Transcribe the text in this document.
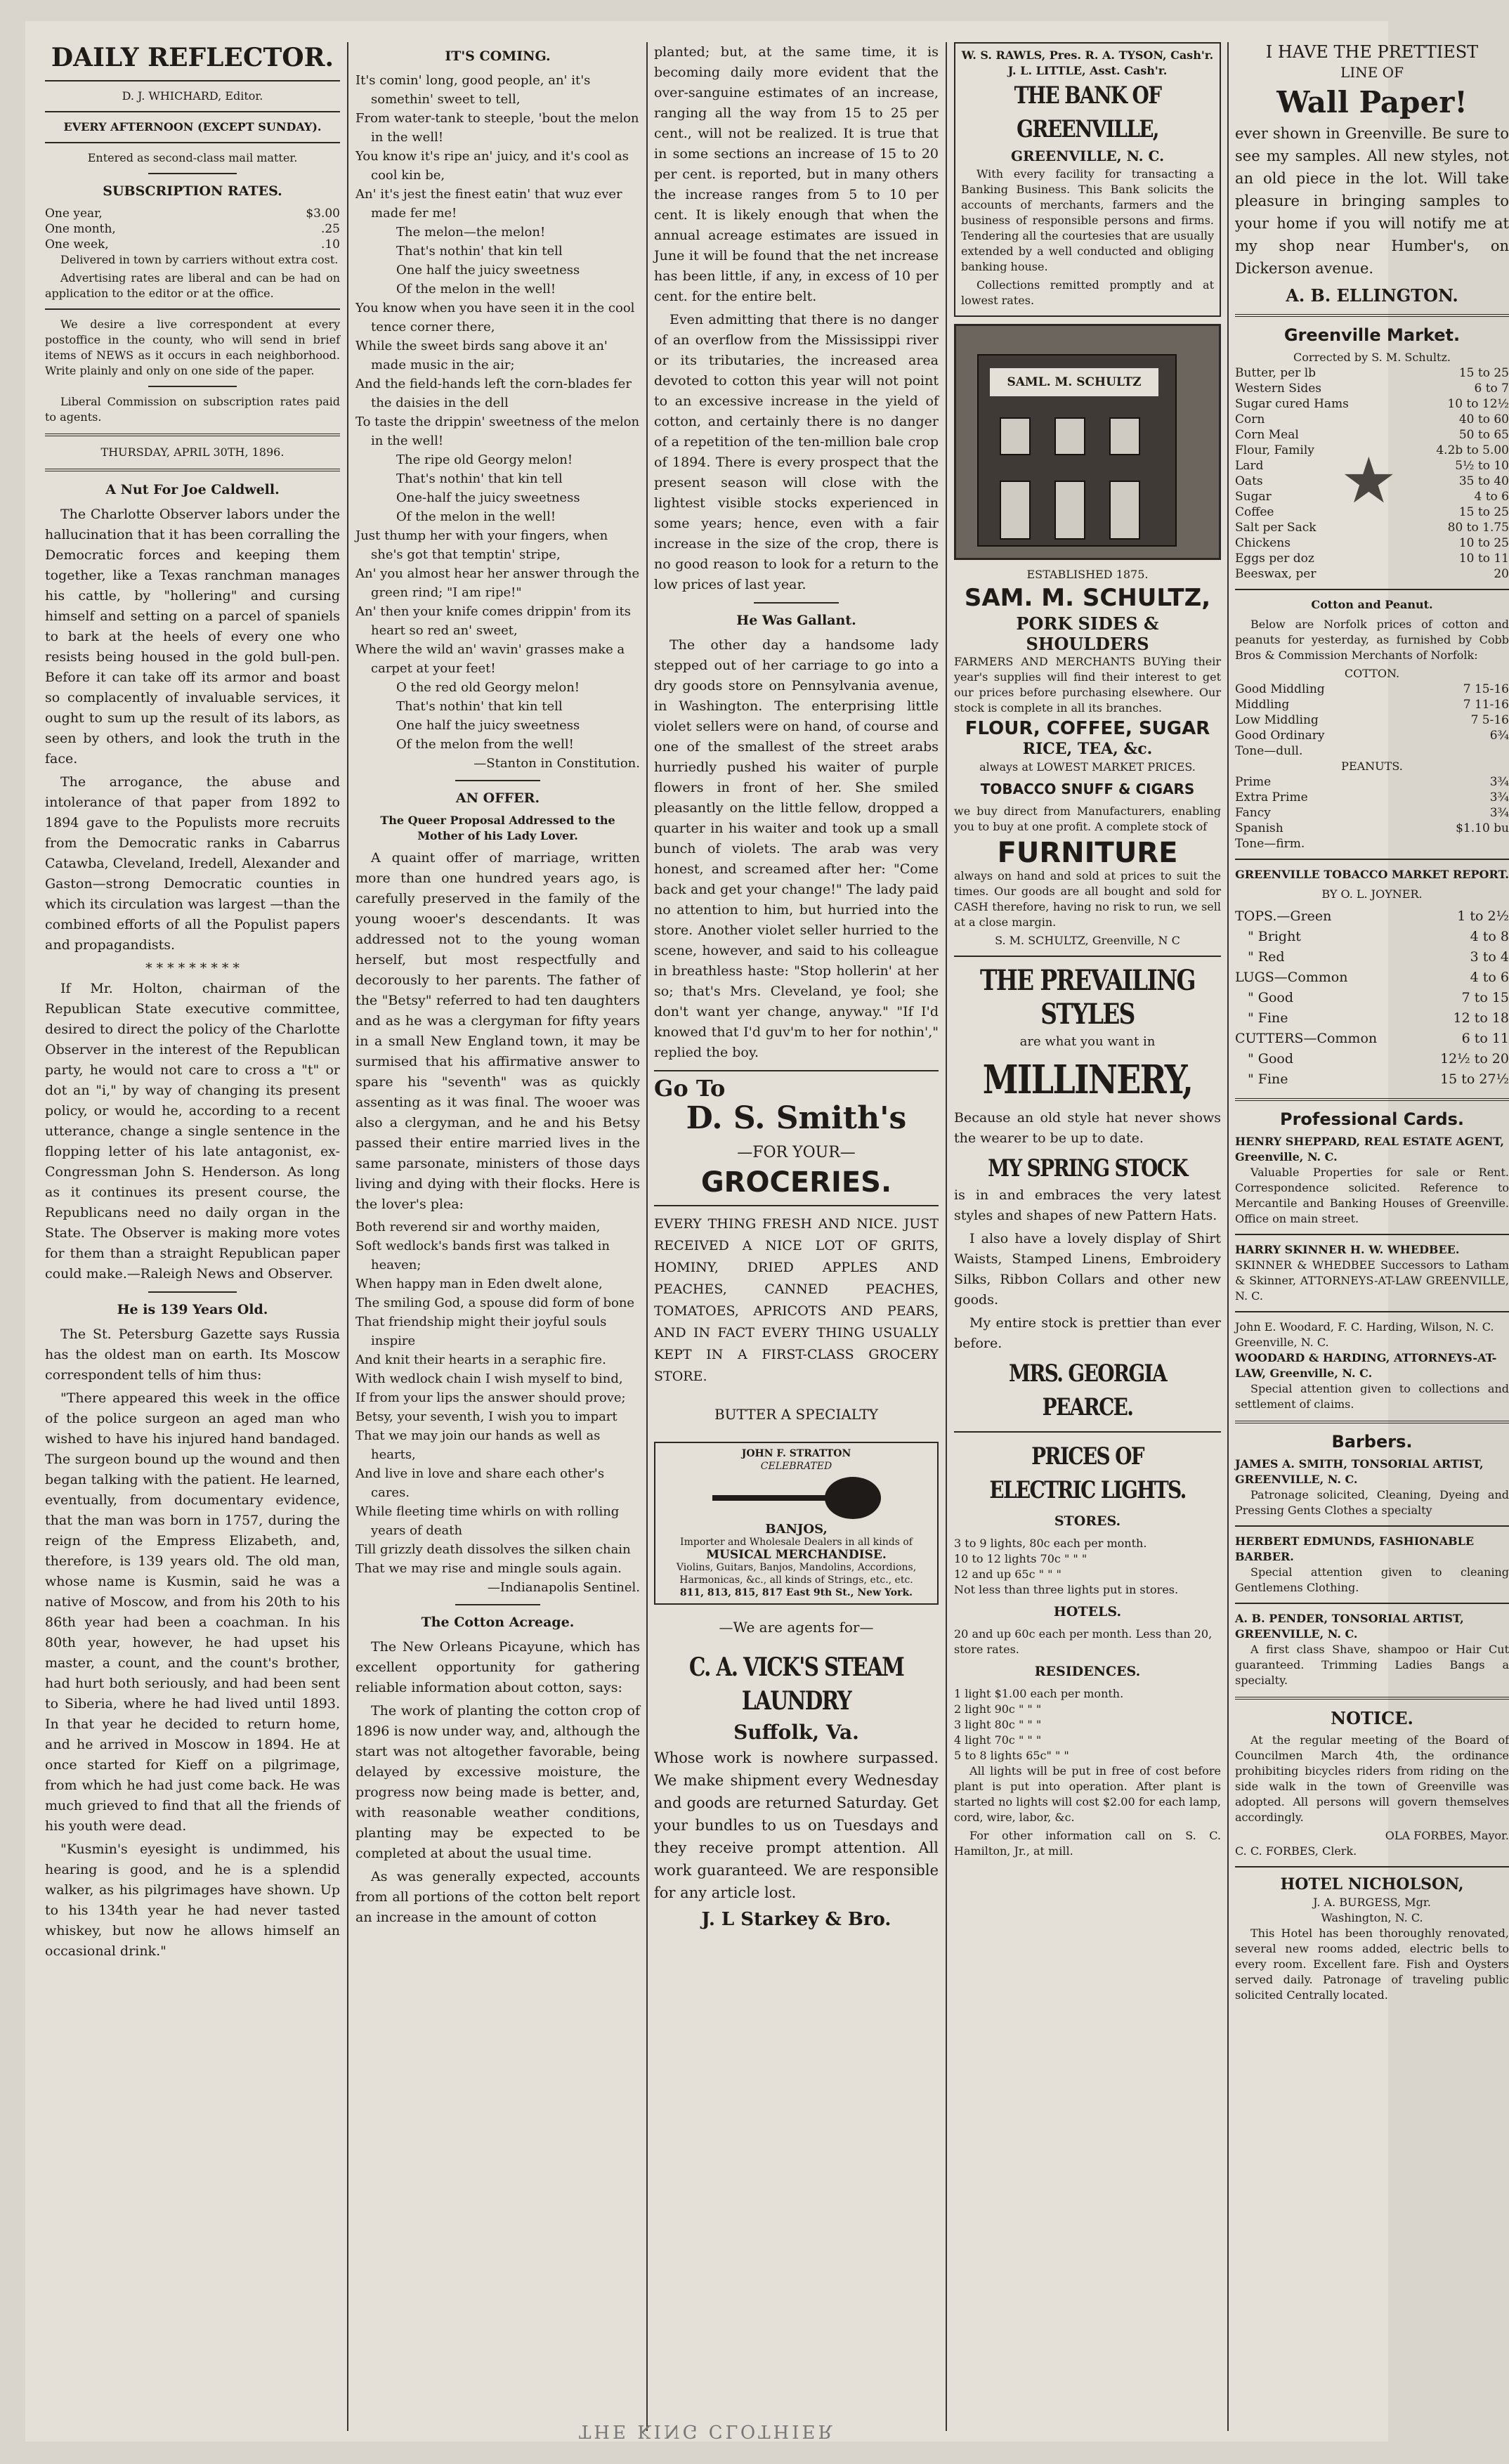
DAILY REFLECTOR.
D. J. WHICHARD, Editor.
EVERY AFTERNOON (EXCEPT SUNDAY).
Entered as second-class mail matter.
SUBSCRIPTION RATES.
One year,	$3.00
One month,	.25
One week,	.10

Delivered in town by carriers without extra cost.

Advertising rates are liberal and can be had on application to the editor or at the office.

We desire a live correspondent at every postoffice in the county, who will send in brief items of NEWS as it occurs in each neighborhood. Write plainly and only on one side of the paper.

Liberal Commission on subscription rates paid to agents.

THURSDAY, APRIL 30TH, 1896.
A Nut For Joe Caldwell.

The Charlotte Observer labors under the hallucination that it has been corralling the Democratic forces and keeping them together, like a Texas ranchman manages his cattle, by "hollering" and cursing himself and setting on a parcel of spaniels to bark at the heels of every one who resists being housed in the gold bull-pen. Before it can take off its armor and boast so complacently of invaluable services, it ought to sum up the result of its labors, as seen by others, and look the truth in the face.

The arrogance, the abuse and intolerance of that paper from 1892 to 1894 gave to the Populists more recruits from the Democratic ranks in Cabarrus Catawba, Cleveland, Iredell, Alexander and Gaston—strong Democratic counties in which its circulation was largest —than the combined efforts of all the Populist papers and propagandists.

* * * * * * * * *

If Mr. Holton, chairman of the Republican State executive committee, desired to direct the policy of the Charlotte Observer in the interest of the Republican party, he would not care to cross a "t" or dot an "i," by way of changing its present policy, or would he, according to a recent utterance, change a single sentence in the flopping letter of his late antagonist, ex-Congressman John S. Henderson. As long as it continues its present course, the Republicans need no daily organ in the State. The Observer is making more votes for them than a straight Republican paper could make.—Raleigh News and Observer.

He is 139 Years Old.

The St. Petersburg Gazette says Russia has the oldest man on earth. Its Moscow correspondent tells of him thus:

"There appeared this week in the office of the police surgeon an aged man who wished to have his injured hand bandaged. The surgeon bound up the wound and then began talking with the patient. He learned, eventually, from documentary evidence, that the man was born in 1757, during the reign of the Empress Elizabeth, and, therefore, is 139 years old. The old man, whose name is Kusmin, said he was a native of Moscow, and from his 20th to his 86th year had been a coachman. In his 80th year, however, he had upset his master, a count, and the count's brother, had hurt both seriously, and had been sent to Siberia, where he had lived until 1893. In that year he decided to return home, and he arrived in Moscow in 1894. He at once started for Kieff on a pilgrimage, from which he had just come back. He was much grieved to find that all the friends of his youth were dead.

"Kusmin's eyesight is undimmed, his hearing is good, and he is a splendid walker, as his pilgrimages have shown. Up to his 134th year he had never tasted whiskey, but now he allows himself an occasional drink."

IT'S COMING.
It's comin' long, good people, an' it's somethin' sweet to tell,
From water-tank to steeple, 'bout the melon in the well!
You know it's ripe an' juicy, and it's cool as cool kin be,
An' it's jest the finest eatin' that wuz ever made fer me!
The melon—the melon!
That's nothin' that kin tell
One half the juicy sweetness
Of the melon in the well!
You know when you have seen it in the cool tence corner there,
While the sweet birds sang above it an' made music in the air;
And the field-hands left the corn-blades fer the daisies in the dell
To taste the drippin' sweetness of the melon in the well!
The ripe old Georgy melon!
That's nothin' that kin tell
One-half the juicy sweetness
Of the melon in the well!
Just thump her with your fingers, when she's got that temptin' stripe,
An' you almost hear her answer through the green rind; "I am ripe!"
An' then your knife comes drippin' from its heart so red an' sweet,
Where the wild an' wavin' grasses make a carpet at your feet!
O the red old Georgy melon!
That's nothin' that kin tell
One half the juicy sweetness
Of the melon from the well!
—Stanton in Constitution.
AN OFFER.
The Queer Proposal Addressed to the Mother of his Lady Lover.

A quaint offer of marriage, written more than one hundred years ago, is carefully preserved in the family of the young wooer's descendants. It was addressed not to the young woman herself, but most respectfully and decorously to her parents. The father of the "Betsy" referred to had ten daughters and as he was a clergyman for fifty years in a small New England town, it may be surmised that his affirmative answer to spare his "seventh" was as quickly assenting as it was final. The wooer was also a clergyman, and he and his Betsy passed their entire married lives in the same parsonate, ministers of those days living and dying with their flocks. Here is the lover's plea:

Both reverend sir and worthy maiden,
Soft wedlock's bands first was talked in heaven;
When happy man in Eden dwelt alone,
The smiling God, a spouse did form of bone
That friendship might their joyful souls inspire
And knit their hearts in a seraphic fire.
With wedlock chain I wish myself to bind,
If from your lips the answer should prove;
Betsy, your seventh, I wish you to impart
That we may join our hands as well as hearts,
And live in love and share each other's cares.
While fleeting time whirls on with rolling years of death
Till grizzly death dissolves the silken chain
That we may rise and mingle souls again.
—Indianapolis Sentinel.
The Cotton Acreage.

The New Orleans Picayune, which has excellent opportunity for gathering reliable information about cotton, says:

The work of planting the cotton crop of 1896 is now under way, and, although the start was not altogether favorable, being delayed by excessive moisture, the progress now being made is better, and, with reasonable weather conditions, planting may be expected to be completed at about the usual time.

As was generally expected, accounts from all portions of the cotton belt report an increase in the amount of cotton

planted; but, at the same time, it is becoming daily more evident that the over-sanguine estimates of an increase, ranging all the way from 15 to 25 per cent., will not be realized. It is true that in some sections an increase of 15 to 20 per cent. is reported, but in many others the increase ranges from 5 to 10 per cent. It is likely enough that when the annual acreage estimates are issued in June it will be found that the net increase has been little, if any, in excess of 10 per cent. for the entire belt.

Even admitting that there is no danger of an overflow from the Mississippi river or its tributaries, the increased area devoted to cotton this year will not point to an excessive increase in the yield of cotton, and certainly there is no danger of a repetition of the ten-million bale crop of 1894. There is every prospect that the present season will close with the lightest visible stocks experienced in some years; hence, even with a fair increase in the size of the crop, there is no good reason to look for a return to the low prices of last year.

He Was Gallant.

The other day a handsome lady stepped out of her carriage to go into a dry goods store on Pennsylvania avenue, in Washington. The enterprising little violet sellers were on hand, of course and one of the smallest of the street arabs hurriedly pushed his waiter of purple flowers in front of her. She smiled pleasantly on the little fellow, dropped a quarter in his waiter and took up a small bunch of violets. The arab was very honest, and screamed after her: "Come back and get your change!" The lady paid no attention to him, but hurried into the store. Another violet seller hurried to the scene, however, and said to his colleague in breathless haste: "Stop hollerin' at her so; that's Mrs. Cleveland, ye fool; she don't want yer change, anyway." "If I'd knowed that I'd guv'm to her for nothin'," replied the boy.

Go To
D. S. Smith's
—FOR YOUR—
GROCERIES.
EVERY THING FRESH AND NICE. JUST RECEIVED A NICE LOT OF GRITS, HOMINY, DRIED APPLES AND PEACHES, CANNED PEACHES, TOMATOES, APRICOTS AND PEARS, AND IN FACT EVERY THING USUALLY KEPT IN A FIRST-CLASS GROCERY STORE.
BUTTER A SPECIALTY
JOHN F. STRATTON
CELEBRATED
BANJOS,
Importer and Wholesale Dealers in all kinds of
MUSICAL MERCHANDISE.
Violins, Guitars, Banjos, Mandolins, Accordions, Harmonicas, &c., all kinds of Strings, etc., etc.
811, 813, 815, 817 East 9th St., New York.
—We are agents for—
C. A. VICK'S STEAM LAUNDRY
Suffolk, Va.

Whose work is nowhere surpassed. We make shipment every Wednesday and goods are returned Saturday. Get your bundles to us on Tuesdays and they receive prompt attention. All work guaranteed. We are responsible for any article lost.

J. L Starkey & Bro.
W. S. RAWLS, Pres. R. A. TYSON, Cash'r.
J. L. LITTLE, Asst. Cash'r.
THE BANK OF GREENVILLE,
GREENVILLE, N. C.

With every facility for transacting a Banking Business. This Bank solicits the accounts of merchants, farmers and the business of responsible persons and firms. Tendering all the courtesies that are usually extended by a well conducted and obliging banking house.

Collections remitted promptly and at lowest rates.

SAML. M. SCHULTZ
ESTABLISHED 1875.
SAM. M. SCHULTZ,
PORK SIDES & SHOULDERS

FARMERS AND MERCHANTS BUYing their year's supplies will find their interest to get our prices before purchasing elsewhere. Our stock is complete in all its branches.

FLOUR, COFFEE, SUGAR
RICE, TEA, &c.
always at LOWEST MARKET PRICES.
TOBACCO SNUFF & CIGARS

we buy direct from Manufacturers, enabling you to buy at one profit. A complete stock of

FURNITURE

always on hand and sold at prices to suit the times. Our goods are all bought and sold for CASH therefore, having no risk to run, we sell at a close margin.

S. M. SCHULTZ, Greenville, N C
THE PREVAILING STYLES
are what you want in
MILLINERY,

Because an old style hat never shows the wearer to be up to date.

MY SPRING STOCK

is in and embraces the very latest styles and shapes of new Pattern Hats.

I also have a lovely display of Shirt Waists, Stamped Linens, Embroidery Silks, Ribbon Collars and other new goods.

My entire stock is prettier than ever before.

MRS. GEORGIA PEARCE.
PRICES OF ELECTRIC LIGHTS.
STORES.
3 to 9 lights, 80c each per month.
10 to 12 lights 70c " " "
12 and up 65c " " "
Not less than three lights put in stores.
HOTELS.
20 and up 60c each per month. Less than 20, store rates.
RESIDENCES.
1 light $1.00 each per month.
2 light 90c " " "
3 light 80c " " "
4 light 70c " " "
5 to 8 lights 65c" " "

All lights will be put in free of cost before plant is put into operation. After plant is started no lights will cost $2.00 for each lamp, cord, wire, labor, &c.

For other information call on S. C. Hamilton, Jr., at mill.

I HAVE THE PRETTIEST
LINE OF
Wall Paper!

ever shown in Greenville. Be sure to see my samples. All new styles, not an old piece in the lot. Will take pleasure in bringing samples to your home if you will notify me at my shop near Humber's, on Dickerson avenue.

A. B. ELLINGTON.
Greenville Market.
Corrected by S. M. Schultz.
★
Butter, per lb	15 to 25
Western Sides	6 to 7
Sugar cured Hams	10 to 12½
Corn	40 to 60
Corn Meal	50 to 65
Flour, Family	4.2b to 5.00
Lard	5½ to 10
Oats	35 to 40
Sugar	4 to 6
Coffee	15 to 25
Salt per Sack	80 to 1.75
Chickens	10 to 25
Eggs per doz	10 to 11
Beeswax, per	20
Cotton and Peanut.

Below are Norfolk prices of cotton and peanuts for yesterday, as furnished by Cobb Bros & Commission Merchants of Norfolk:

COTTON.
Good Middling	7 15-16
Middling	7 11-16
Low Middling	7 5-16
Good Ordinary	6¾
Tone—dull.	
PEANUTS.
Prime	3¾
Extra Prime	3¾
Fancy	3¾
Spanish	$1.10 bu
Tone—firm.	
GREENVILLE TOBACCO MARKET REPORT.
BY O. L. JOYNER.
TOPS.—Green	1 to 2½
" Bright	4 to 8
" Red	3 to 4
LUGS—Common	4 to 6
" Good	7 to 15
" Fine	12 to 18
CUTTERS—Common	6 to 11
" Good	12½ to 20
" Fine	15 to 27½
Professional Cards.
HENRY SHEPPARD, REAL ESTATE AGENT, Greenville, N. C.

Valuable Properties for sale or Rent. Correspondence solicited. Reference to Mercantile and Banking Houses of Greenville. Office on main street.

HARRY SKINNER H. W. WHEDBEE.

SKINNER & WHEDBEE Successors to Latham & Skinner, ATTORNEYS-AT-LAW GREENVILLE, N. C.

John E. Woodard, F. C. Harding, Wilson, N. C. Greenville, N. C.
WOODARD & HARDING, ATTORNEYS-AT-LAW, Greenville, N. C.

Special attention given to collections and settlement of claims.

Barbers.
JAMES A. SMITH, TONSORIAL ARTIST, GREENVILLE, N. C.

Patronage solicited, Cleaning, Dyeing and Pressing Gents Clothes a specialty

HERBERT EDMUNDS, FASHIONABLE BARBER.

Special attention given to cleaning Gentlemens Clothing.

A. B. PENDER, TONSORIAL ARTIST, GREENVILLE, N. C.

A first class Shave, shampoo or Hair Cut guaranteed. Trimming Ladies Bangs a specialty.

NOTICE.

At the regular meeting of the Board of Councilmen March 4th, the ordinance prohibiting bicycles riders from riding on the side walk in the town of Greenville was adopted. All persons will govern themselves accordingly.

OLA FORBES, Mayor.
C. C. FORBES, Clerk.
HOTEL NICHOLSON,
J. A. BURGESS, Mgr.
Washington, N. C.

This Hotel has been thoroughly renovated, several new rooms added, electric bells to every room. Excellent fare. Fish and Oysters served daily. Patronage of traveling public solicited Centrally located.

THE KING CLOTHIER
